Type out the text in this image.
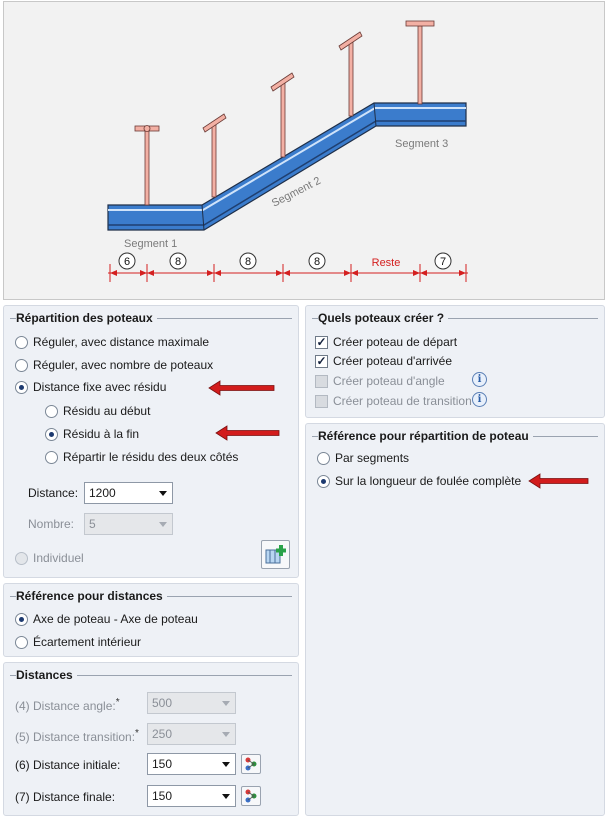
Segment 1
Segment 2
Segment 3
6	8	8	8	Reste	7
Répartition des poteaux
Réguler, avec distance maximale
Réguler, avec nombre de poteaux
Distance fixe avec résidu
Résidu au début
Résidu à la fin
Répartir le résidu des deux côtés
Distance: 1200
Nombre: 5
Individuel
Référence pour distances
Axe de poteau - Axe de poteau
Écartement intérieur
Distances
(4) Distance angle:*	500
(5) Distance transition:* 250
(6) Distance initiale:	150
(7) Distance finale:	150
Quels poteaux créer ?
✓ Créer poteau de départ
✓ Créer poteau d'arrivée
Créer poteau d'angle	i
Créer poteau de transition i
Référence pour répartition de poteau
Par segments
Sur la longueur de foulée complète
